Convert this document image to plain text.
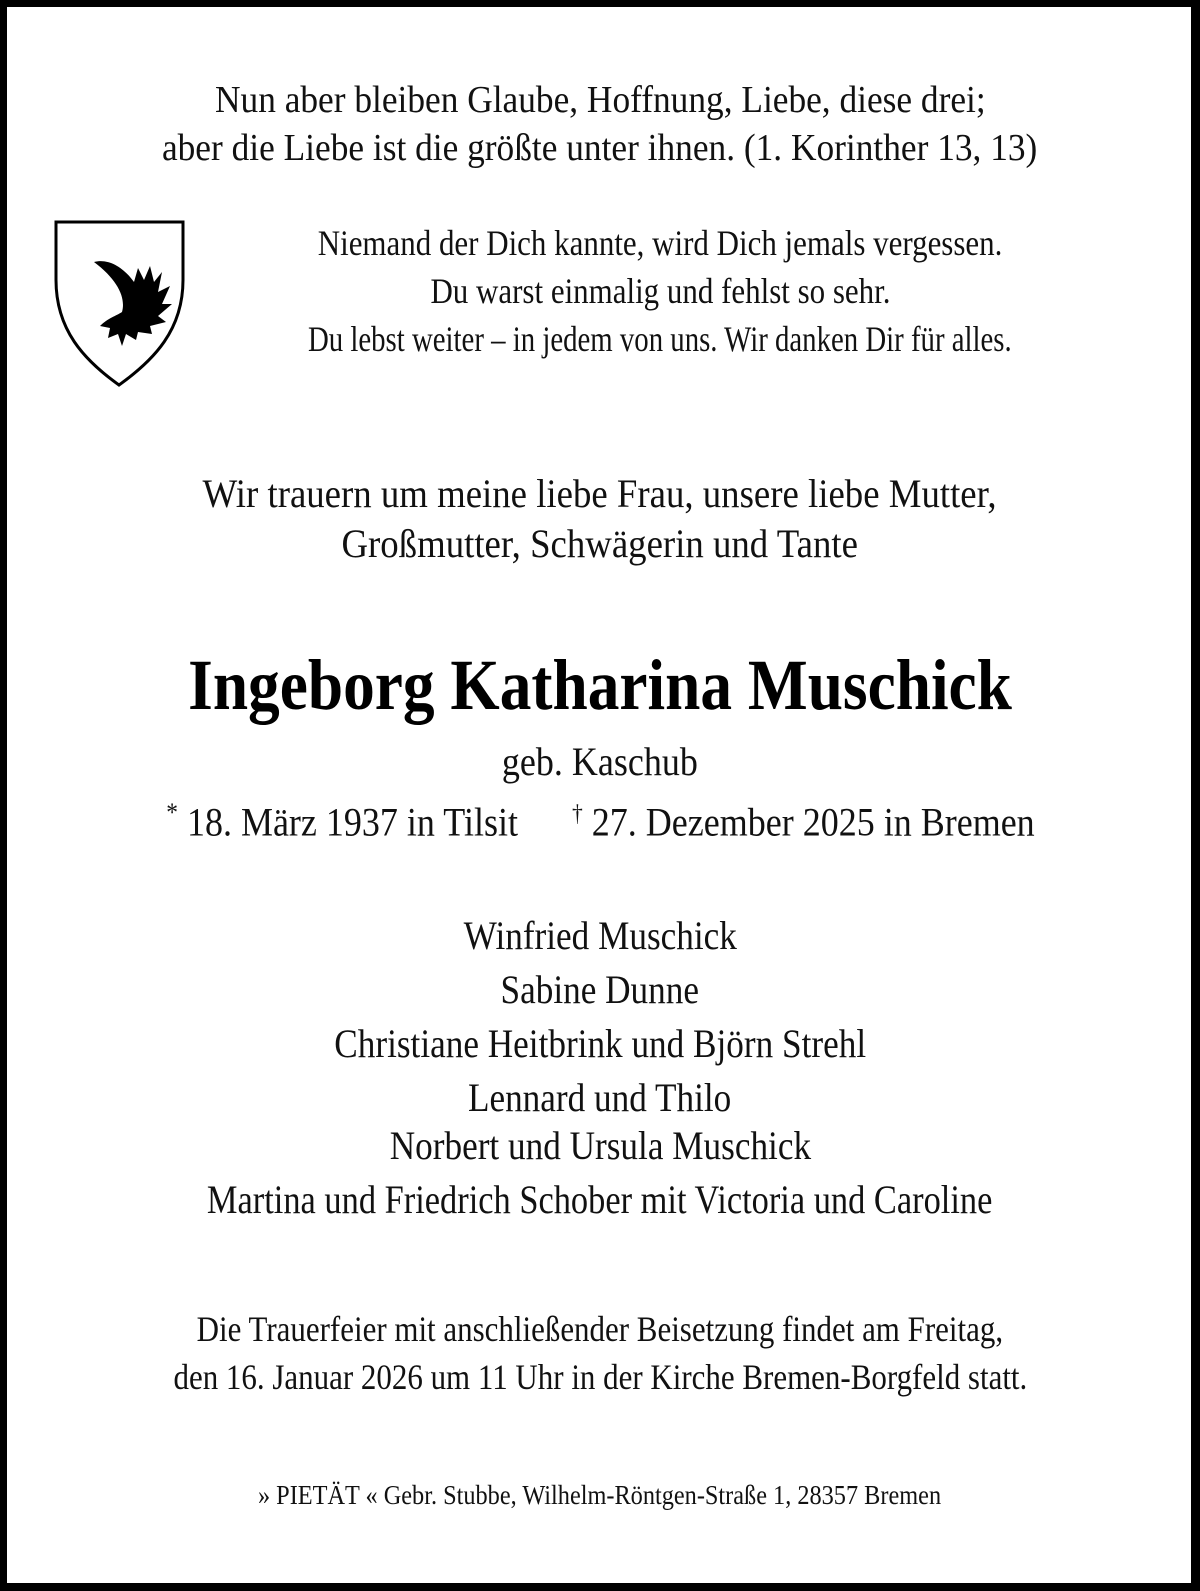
Nun aber bleiben Glaube, Hoffnung, Liebe, diese drei;
aber die Liebe ist die größte unter ihnen. (1. Korinther 13, 13)
Niemand der Dich kannte, wird Dich jemals vergessen.
Du warst einmalig und fehlst so sehr.
Du lebst weiter – in jedem von uns. Wir danken Dir für alles.
Wir trauern um meine liebe Frau, unsere liebe Mutter,
Großmutter, Schwägerin und Tante
Ingeborg Katharina Muschick
geb. Kaschub
* 18. März 1937 in Tilsit † 27. Dezember 2025 in Bremen
Winfried Muschick
Sabine Dunne
Christiane Heitbrink und Björn Strehl
Lennard und Thilo
Norbert und Ursula Muschick
Martina und Friedrich Schober mit Victoria und Caroline
Die Trauerfeier mit anschließender Beisetzung findet am Freitag,
den 16. Januar 2026 um 11 Uhr in der Kirche Bremen-Borgfeld statt.
» PIETÄT « Gebr. Stubbe, Wilhelm-Röntgen-Straße 1, 28357 Bremen
